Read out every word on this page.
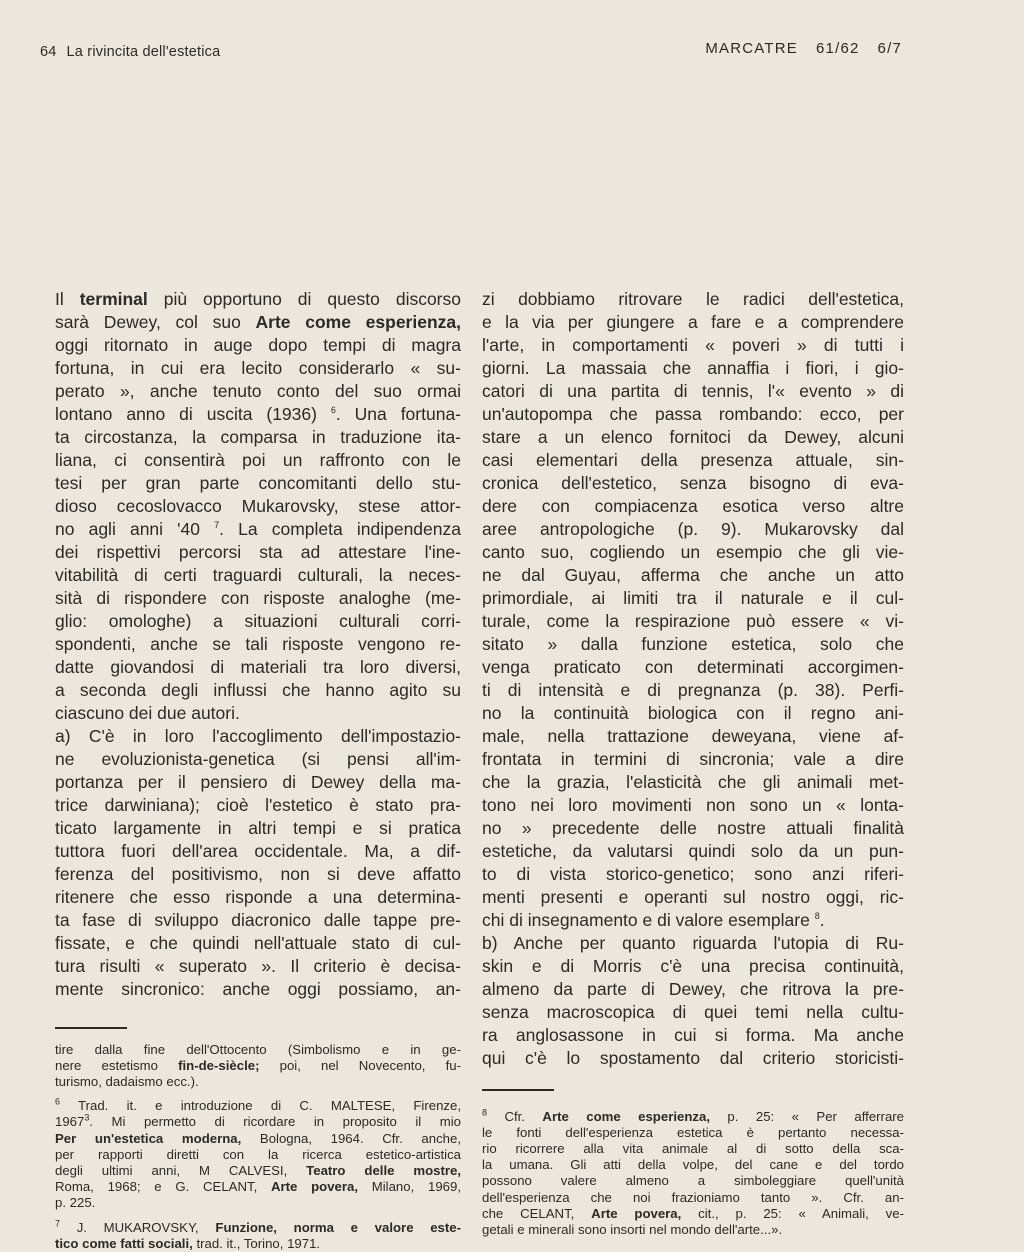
64 La rivincita dell'estetica	MARCATRE 61/62 6/7
Il terminal più opportuno di questo discorso
sarà Dewey, col suo Arte come esperienza,
oggi ritornato in auge dopo tempi di magra
fortuna, in cui era lecito considerarlo « su-
perato », anche tenuto conto del suo ormai
lontano anno di uscita (1936) $^6$. Una fortuna-
ta circostanza, la comparsa in traduzione ita-
liana, ci consentirà poi un raffronto con le
tesi per gran parte concomitanti dello stu-
dioso cecoslovacco Mukarovsky, stese attor-
no agli anni '40 $^7$. La completa indipendenza
dei rispettivi percorsi sta ad attestare l'ine-
vitabilità di certi traguardi culturali, la neces-
sità di rispondere con risposte analoghe (me-
glio: omologhe) a situazioni culturali corri-
spondenti, anche se tali risposte vengono re-
datte giovandosi di materiali tra loro diversi,
a seconda degli influssi che hanno agito su
ciascuno dei due autori.
a) C'è in loro l'accoglimento dell'impostazio-
ne evoluzionista-genetica (si pensi all'im-
portanza per il pensiero di Dewey della ma-
trice darwiniana); cioè l'estetico è stato pra-
ticato largamente in altri tempi e si pratica
tuttora fuori dell'area occidentale. Ma, a dif-
ferenza del positivismo, non si deve affatto
ritenere che esso risponde a una determina-
ta fase di sviluppo diacronico dalle tappe pre-
fissate, e che quindi nell'attuale stato di cul-
tura risulti « superato ». Il criterio è decisa-
mente sincronico: anche oggi possiamo, an-
tire dalla fine dell'Ottocento (Simbolismo e in ge-
nere estetismo fin-de-siècle; poi, nel Novecento, fu-
turismo, dadaismo ecc.).
$^6$ Trad. it. e introduzione di C. MALTESE, Firenze,
1967$^3$. Mi permetto di ricordare in proposito il mio
Per un'estetica moderna, Bologna, 1964. Cfr. anche,
per rapporti diretti con la ricerca estetico-artistica
degli ultimi anni, M CALVESI, Teatro delle mostre,
Roma, 1968; e G. CELANT, Arte povera, Milano, 1969,
p. 225.
$^7$ J. MUKAROVSKY, Funzione, norma e valore este-
tico come fatti sociali, trad. it., Torino, 1971.
zi dobbiamo ritrovare le radici dell'estetica,
e la via per giungere a fare e a comprendere
l'arte, in comportamenti « poveri » di tutti i
giorni. La massaia che annaffia i fiori, i gio-
catori di una partita di tennis, l'« evento » di
un'autopompa che passa rombando: ecco, per
stare a un elenco fornitoci da Dewey, alcuni
casi elementari della presenza attuale, sin-
cronica dell'estetico, senza bisogno di eva-
dere con compiacenza esotica verso altre
aree antropologiche (p. 9). Mukarovsky dal
canto suo, cogliendo un esempio che gli vie-
ne dal Guyau, afferma che anche un atto
primordiale, ai limiti tra il naturale e il cul-
turale, come la respirazione può essere « vi-
sitato » dalla funzione estetica, solo che
venga praticato con determinati accorgimen-
ti di intensità e di pregnanza (p. 38). Perfi-
no la continuità biologica con il regno ani-
male, nella trattazione deweyana, viene af-
frontata in termini di sincronia; vale a dire
che la grazia, l'elasticità che gli animali met-
tono nei loro movimenti non sono un « lonta-
no » precedente delle nostre attuali finalità
estetiche, da valutarsi quindi solo da un pun-
to di vista storico-genetico; sono anzi riferi-
menti presenti e operanti sul nostro oggi, ric-
chi di insegnamento e di valore esemplare $^8$.
b) Anche per quanto riguarda l'utopia di Ru-
skin e di Morris c'è una precisa continuità,
almeno da parte di Dewey, che ritrova la pre-
senza macroscopica di quei temi nella cultu-
ra anglosassone in cui si forma. Ma anche
qui c'è lo spostamento dal criterio storicisti-
$^8$ Cfr. Arte come esperienza, p. 25: « Per afferrare
le fonti dell'esperienza estetica è pertanto necessa-
rio ricorrere alla vita animale al di sotto della sca-
la umana. Gli atti della volpe, del cane e del tordo
possono valere almeno a simboleggiare quell'unità
dell'esperienza che noi frazioniamo tanto ». Cfr. an-
che CELANT, Arte povera, cit., p. 25: « Animali, ve-
getali e minerali sono insorti nel mondo dell'arte...».
